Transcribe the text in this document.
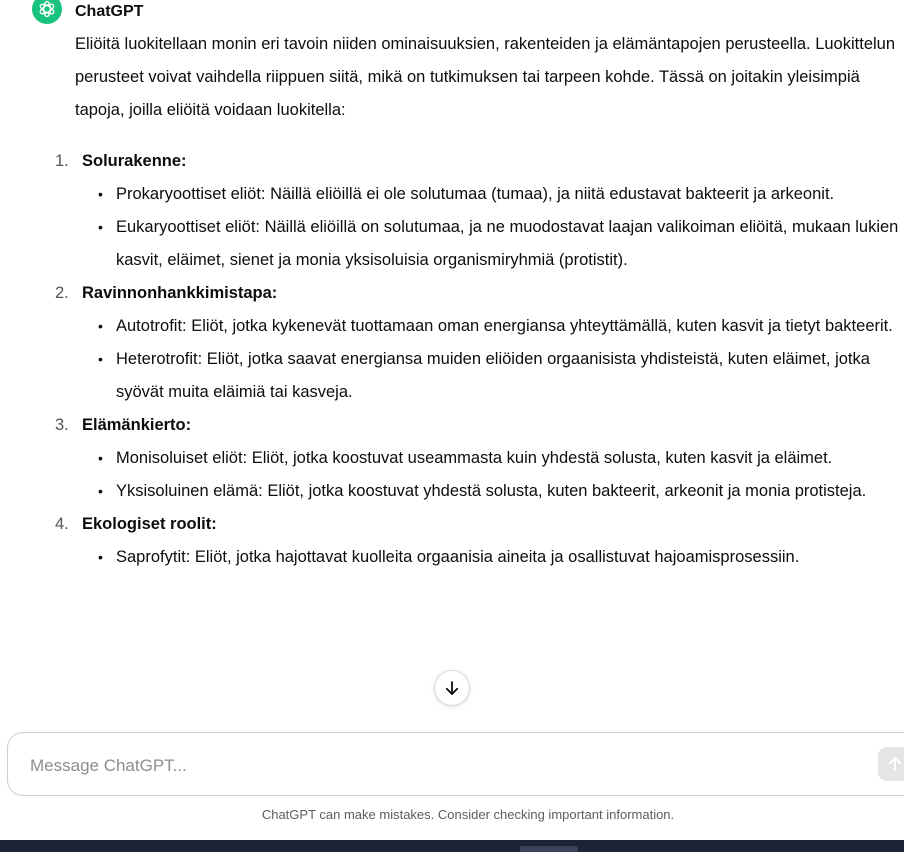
ChatGPT

Eliöitä luokitellaan monin eri tavoin niiden ominaisuuksien, rakenteiden ja elämäntapojen perusteella. Luokittelun perusteet voivat vaihdella riippuen siitä, mikä on tutkimuksen tai tarpeen kohde. Tässä on joitakin yleisimpiä tapoja, joilla eliöitä voidaan luokitella:

1. Solurakenne:
• Prokaryoottiset eliöt: Näillä eliöillä ei ole solutumaa (tumaa), ja niitä edustavat bakteerit ja arkeonit.
• Eukaryoottiset eliöt: Näillä eliöillä on solutumaa, ja ne muodostavat laajan valikoiman eliöitä, mukaan lukien kasvit, eläimet, sienet ja monia yksisoluisia organismiryhmiä (protistit).
2. Ravinnonhankkimistapa:
• Autotrofit: Eliöt, jotka kykenevät tuottamaan oman energiansa yhteyttämällä, kuten kasvit ja tietyt bakteerit.
• Heterotrofit: Eliöt, jotka saavat energiansa muiden eliöiden orgaanisista yhdisteistä, kuten eläimet, jotka syövät muita eläimiä tai kasveja.
3. Elämänkierto:
• Monisoluiset eliöt: Eliöt, jotka koostuvat useammasta kuin yhdestä solusta, kuten kasvit ja eläimet.
• Yksisoluinen elämä: Eliöt, jotka koostuvat yhdestä solusta, kuten bakteerit, arkeonit ja monia protisteja.
4. Ekologiset roolit:
• Saprofytit: Eliöt, jotka hajottavat kuolleita orgaanisia aineita ja osallistuvat hajoamisprosessiin.
Message ChatGPT...
ChatGPT can make mistakes. Consider checking important information.
